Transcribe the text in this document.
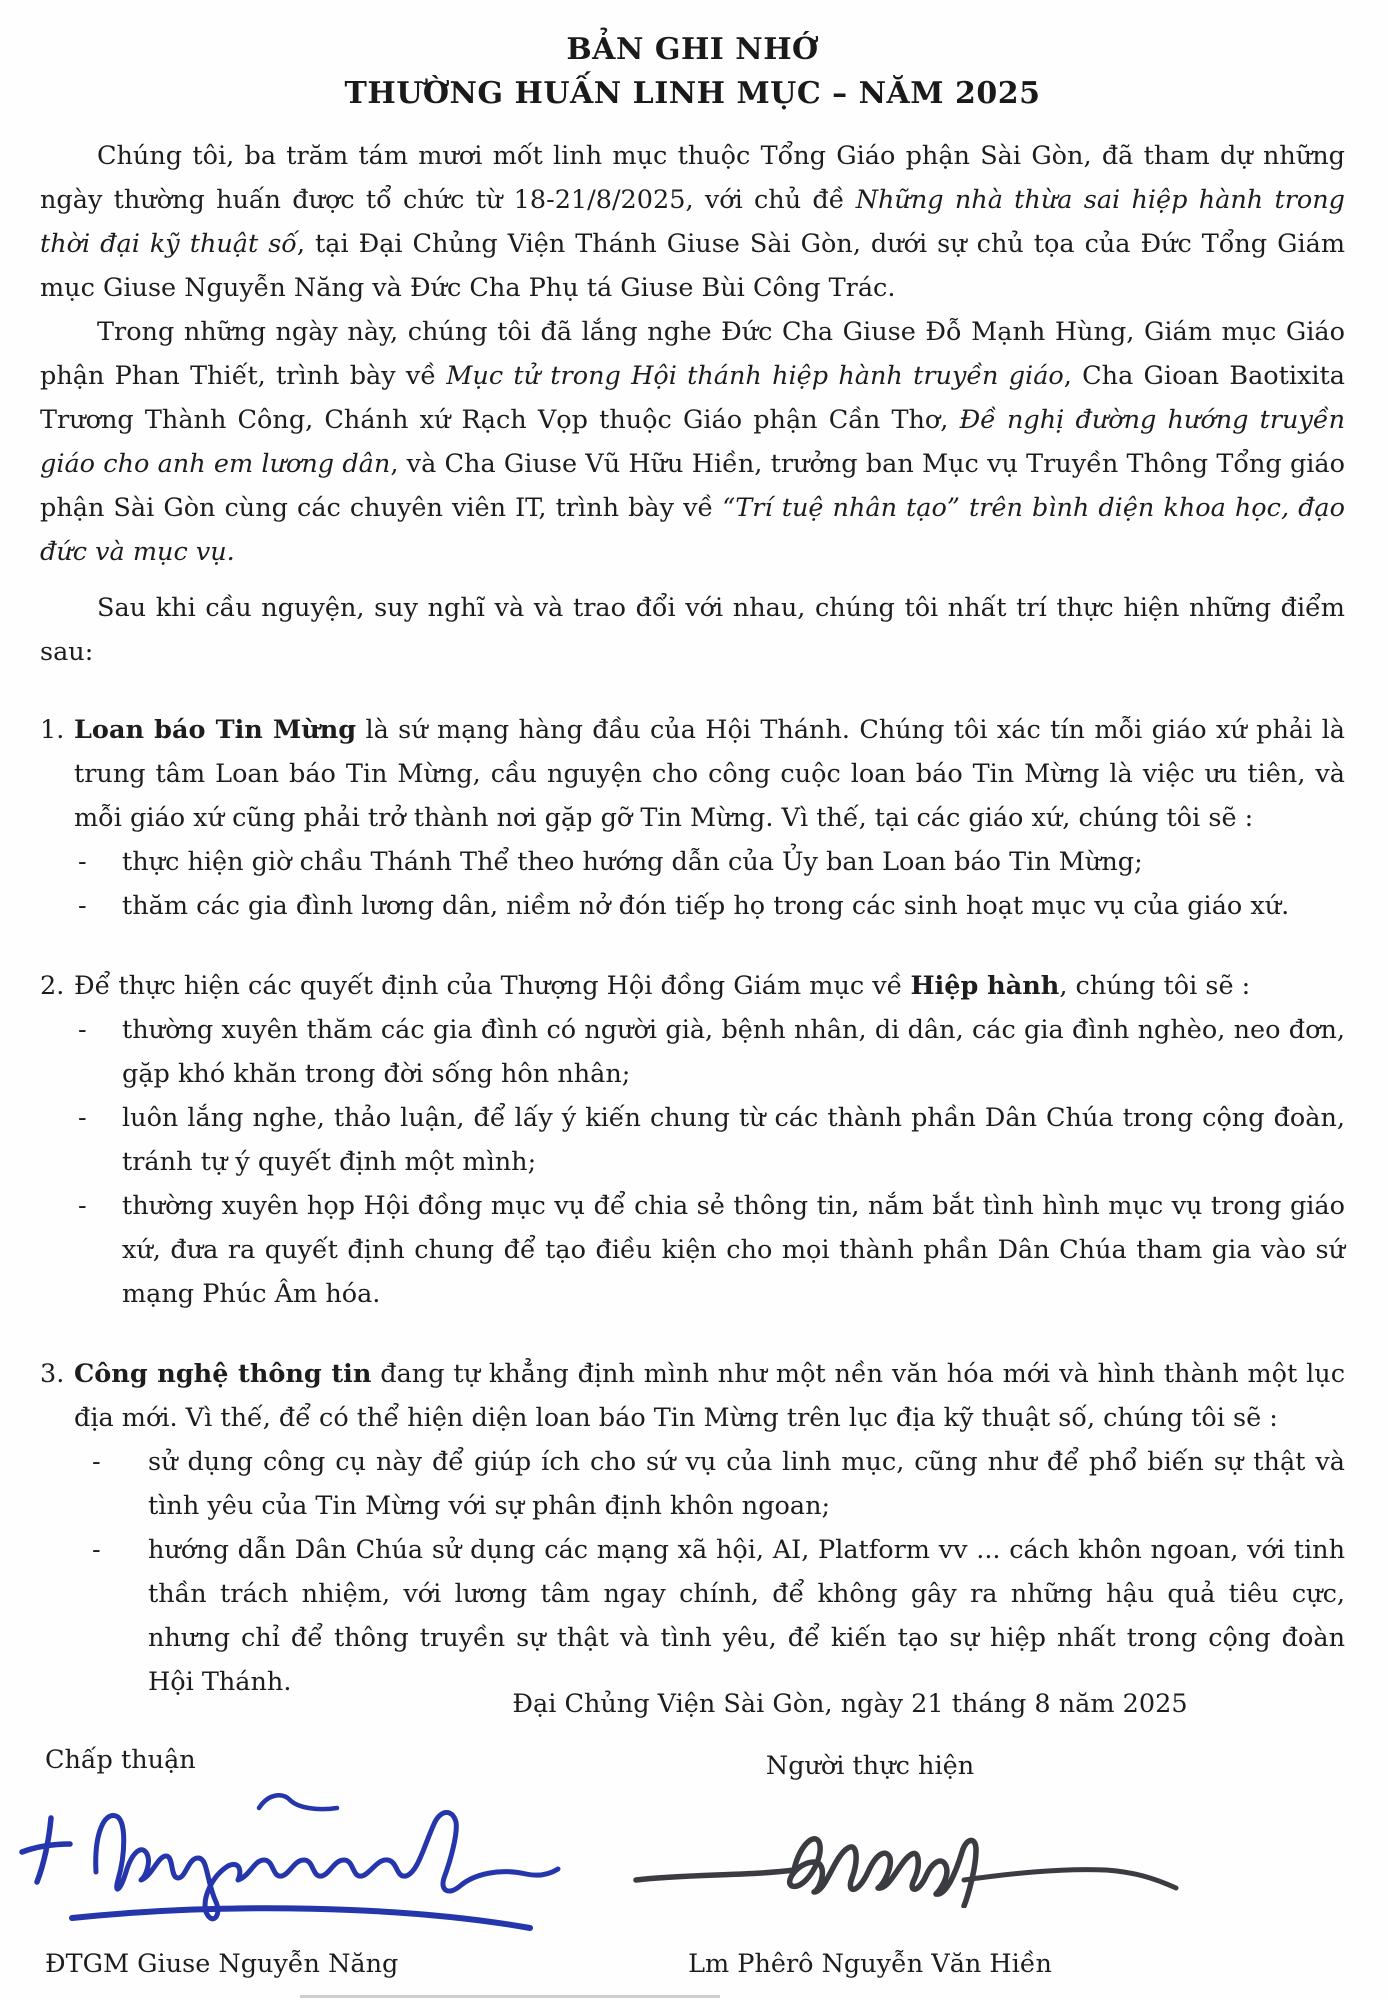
BẢN GHI NHỚ
THƯỜNG HUẤN LINH MỤC – NĂM 2025

Chúng tôi, ba trăm tám mươi mốt linh mục thuộc Tổng Giáo phận Sài Gòn, đã tham dự những ngày thường huấn được tổ chức từ 18-21/8/2025, với chủ đề Những nhà thừa sai hiệp hành trong thời đại kỹ thuật số, tại Đại Chủng Viện Thánh Giuse Sài Gòn, dưới sự chủ tọa của Đức Tổng Giám mục Giuse Nguyễn Năng và Đức Cha Phụ tá Giuse Bùi Công Trác.

Trong những ngày này, chúng tôi đã lắng nghe Đức Cha Giuse Đỗ Mạnh Hùng, Giám mục Giáo phận Phan Thiết, trình bày về Mục tử trong Hội thánh hiệp hành truyền giáo, Cha Gioan Baotixita Trương Thành Công, Chánh xứ Rạch Vọp thuộc Giáo phận Cần Thơ, Đề nghị đường hướng truyền giáo cho anh em lương dân, và Cha Giuse Vũ Hữu Hiền, trưởng ban Mục vụ Truyền Thông Tổng giáo phận Sài Gòn cùng các chuyên viên IT, trình bày về “Trí tuệ nhân tạo” trên bình diện khoa học, đạo đức và mục vụ.

Sau khi cầu nguyện, suy nghĩ và và trao đổi với nhau, chúng tôi nhất trí thực hiện những điểm sau:

1. Loan báo Tin Mừng là sứ mạng hàng đầu của Hội Thánh. Chúng tôi xác tín mỗi giáo xứ phải là trung tâm Loan báo Tin Mừng, cầu nguyện cho công cuộc loan báo Tin Mừng là việc ưu tiên, và mỗi giáo xứ cũng phải trở thành nơi gặp gỡ Tin Mừng. Vì thế, tại các giáo xứ, chúng tôi sẽ :
-	thực hiện giờ chầu Thánh Thể theo hướng dẫn của Ủy ban Loan báo Tin Mừng;
-	thăm các gia đình lương dân, niềm nở đón tiếp họ trong các sinh hoạt mục vụ của giáo xứ.
2. Để thực hiện các quyết định của Thượng Hội đồng Giám mục về Hiệp hành, chúng tôi sẽ :
-	thường xuyên thăm các gia đình có người già, bệnh nhân, di dân, các gia đình nghèo, neo đơn, gặp khó khăn trong đời sống hôn nhân;
-	luôn lắng nghe, thảo luận, để lấy ý kiến chung từ các thành phần Dân Chúa trong cộng đoàn, tránh tự ý quyết định một mình;
-	thường xuyên họp Hội đồng mục vụ để chia sẻ thông tin, nắm bắt tình hình mục vụ trong giáo xứ, đưa ra quyết định chung để tạo điều kiện cho mọi thành phần Dân Chúa tham gia vào sứ mạng Phúc Âm hóa.
3. Công nghệ thông tin đang tự khẳng định mình như một nền văn hóa mới và hình thành một lục địa mới. Vì thế, để có thể hiện diện loan báo Tin Mừng trên lục địa kỹ thuật số, chúng tôi sẽ :
-	sử dụng công cụ này để giúp ích cho sứ vụ của linh mục, cũng như để phổ biến sự thật và tình yêu của Tin Mừng với sự phân định khôn ngoan;
-	hướng dẫn Dân Chúa sử dụng các mạng xã hội, AI, Platform vv ... cách khôn ngoan, với tinh thần trách nhiệm, với lương tâm ngay chính, để không gây ra những hậu quả tiêu cực, nhưng chỉ để thông truyền sự thật và tình yêu, để kiến tạo sự hiệp nhất trong cộng đoàn Hội Thánh.
Đại Chủng Viện Sài Gòn, ngày 21 tháng 8 năm 2025
Chấp thuận	Người thực hiện
ĐTGM Giuse Nguyễn Năng	Lm Phêrô Nguyễn Văn Hiền
